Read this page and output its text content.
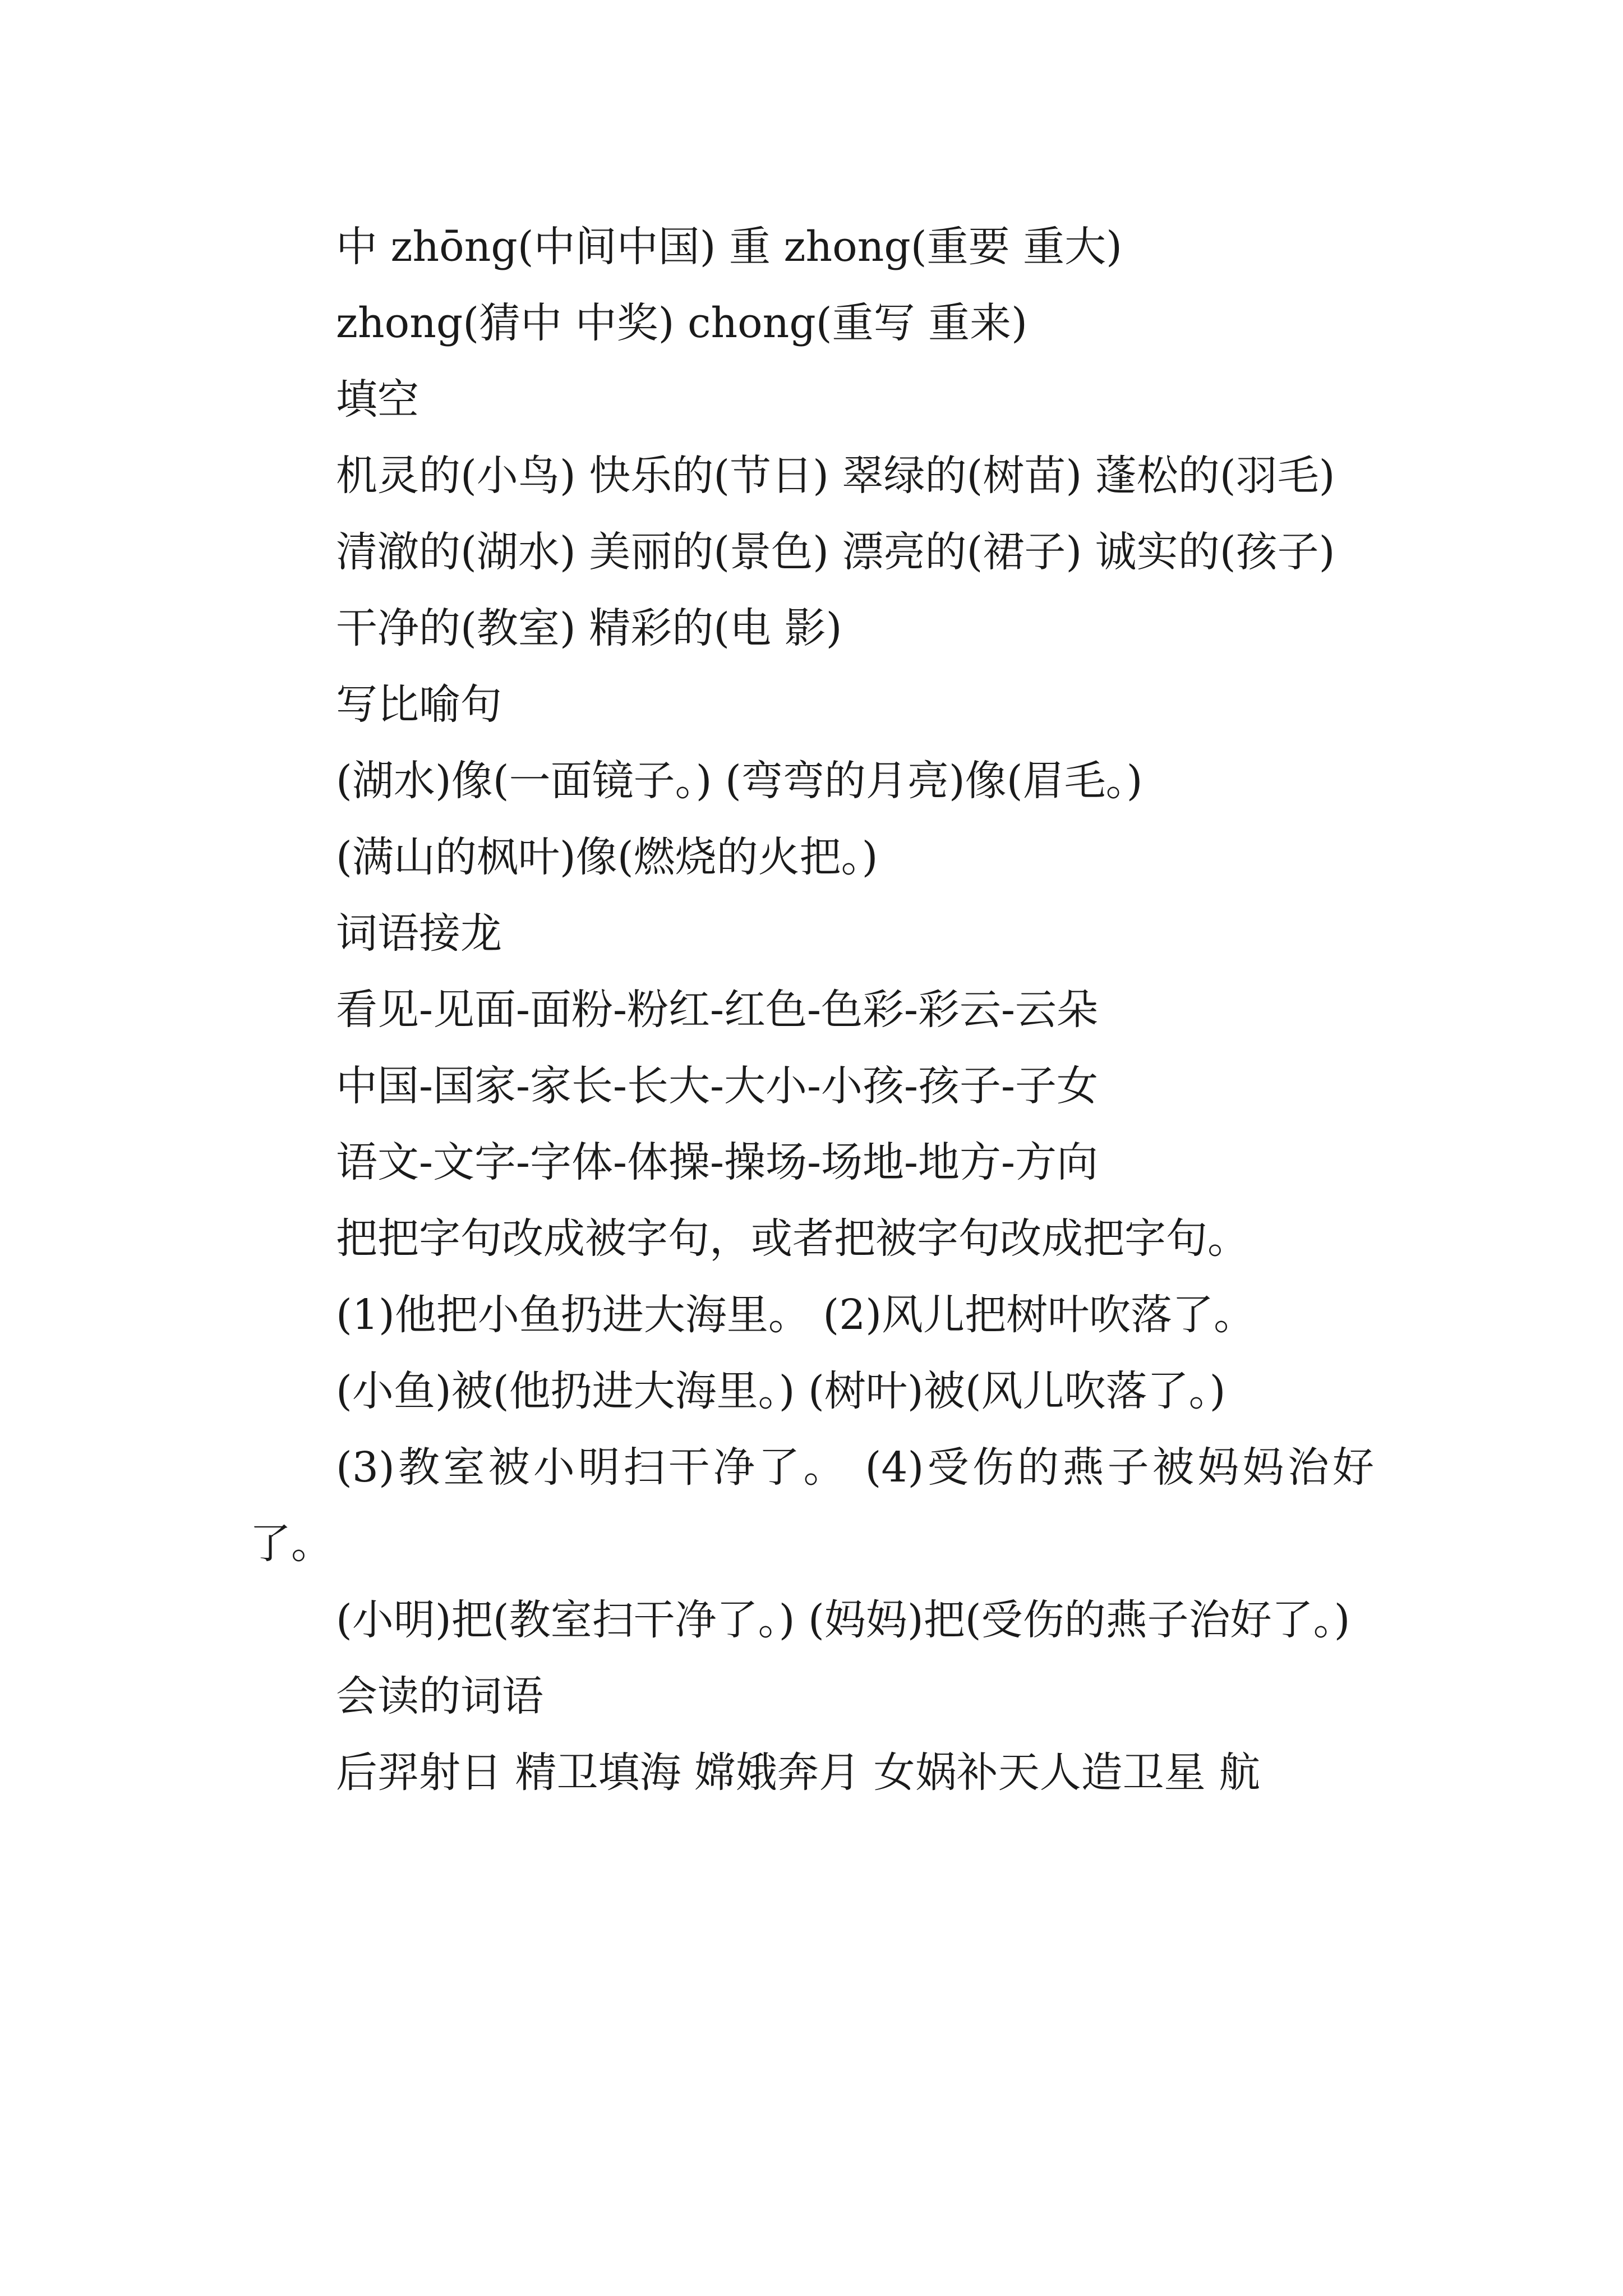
中 zhōng(中间中国) 重 zhong(重要 重大)

zhong(猜中 中奖) chong(重写 重来)

填空

机灵的(小鸟) 快乐的(节日) 翠绿的(树苗) 蓬松的(羽毛)

清澈的(湖水) 美丽的(景色) 漂亮的(裙子) 诚实的(孩子)

干净的(教室) 精彩的(电 影)

写比喻句

(湖水)像(一面镜子。) (弯弯的月亮)像(眉毛。)

(满山的枫叶)像(燃烧的火把。)

词语接龙

看见-见面-面粉-粉红-红色-色彩-彩云-云朵

中国-国家-家长-长大-大小-小孩-孩子-子女

语文-文字-字体-体操-操场-场地-地方-方向

把把字句改成被字句，或者把被字句改成把字句。

(1)他把小鱼扔进大海里。 (2)风儿把树叶吹落了。

(小鱼)被(他扔进大海里。) (树叶)被(风儿吹落了。)

(3)教室被小明扫干净了。 (4)受伤的燕子被妈妈治好了。

(小明)把(教室扫干净了。) (妈妈)把(受伤的燕子治好了。)

会读的词语

后羿射日 精卫填海 嫦娥奔月 女娲补天人造卫星 航
